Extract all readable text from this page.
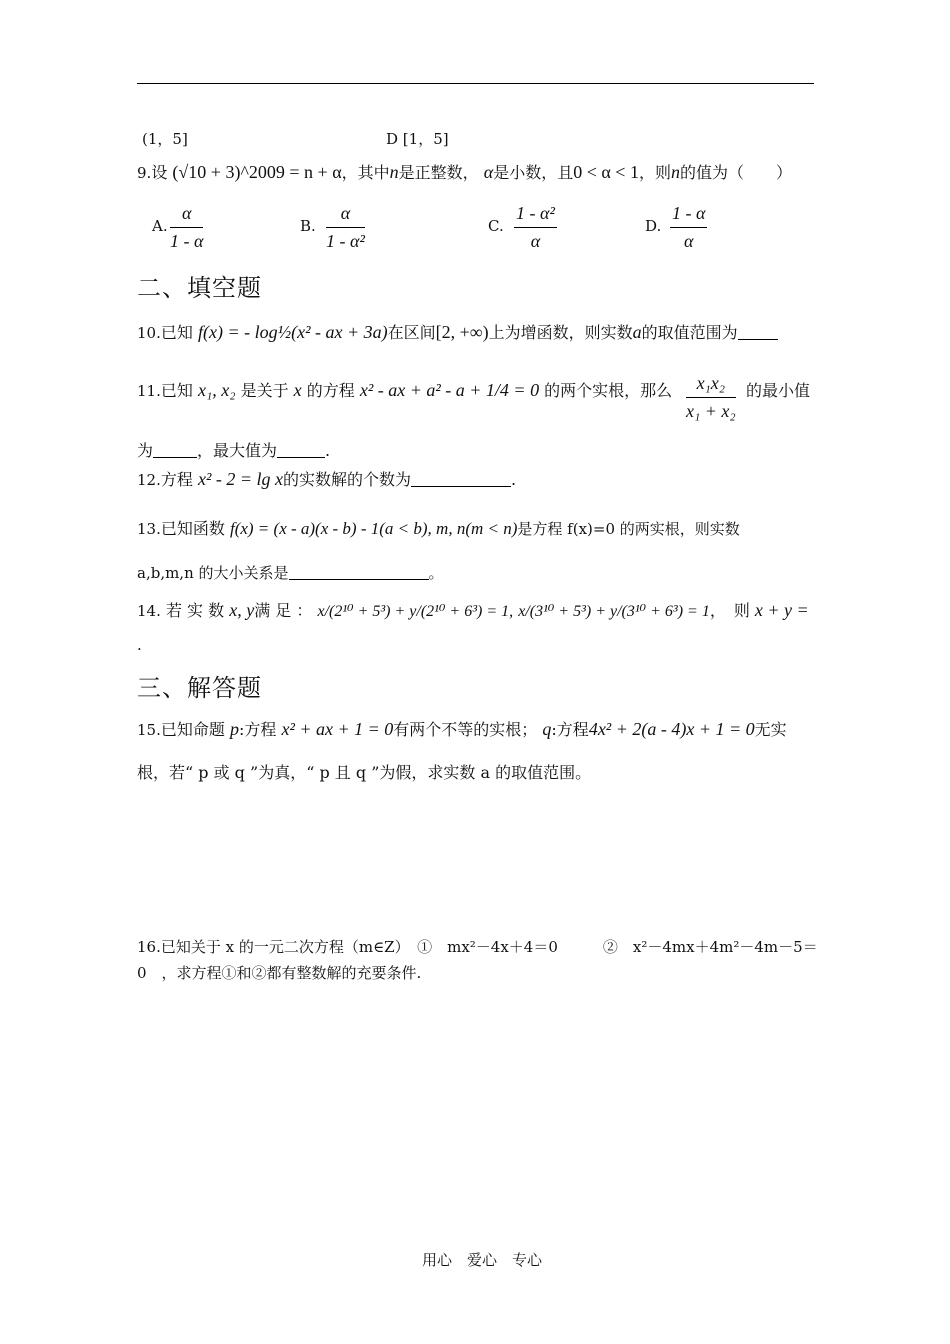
(1，5]	D [1，5]
9.设 (√10 + 3)^2009 = n + α，其中n是正整数， α是小数，且0 < α < 1，则n的值为（　　）
A. $\frac{\alpha}{1 - \alpha}$	B. $\frac{\alpha}{\text{1 - α²}}$	C. $\frac{\text{1 - α²}}{\alpha}$	D. $\frac{1 - \alpha}{\alpha}$
二、填空题
10.已知 f(x) = - log½(x² - ax + 3a)在区间[2, +∞)上为增函数，则实数a的取值范围为
11.已知 x₁, x₂ 是关于 x 的方程 x² - ax + a² - a + 1/4 = 0 的两个实根，那么 $\frac{\text{x₁x₂}}{\text{x₁ + x₂}}$ 的最小值
为	，最大值为	.
12.方程 x² - 2 = lg x的实数解的个数为	.
13.已知函数 f(x) = (x - a)(x - b) - 1(a < b), m, n(m < n)是方程 f(x)=0 的两实根，则实数
a,b,m,n 的大小关系是	。
14. 若 实 数 x, y满 足 ： x/(2¹⁰ + 5³) + y/(2¹⁰ + 6³) = 1, x/(3¹⁰ + 5³) + y/(3¹⁰ + 6³) = 1，　则 x + y =
.
三、解答题
15.已知命题 p:方程 x² + ax + 1 = 0有两个不等的实根； q:方程4x² + 2(a - 4)x + 1 = 0无实
根，若“ p 或 q ”为真，“ p 且 q ”为假，求实数 a 的取值范围。
16.已知关于 x 的一元二次方程（m∈Z）　①　mx²－4x＋4＝0　　　②　x²－4mx＋4m²－4m－5＝
0　，求方程①和②都有整数解的充要条件.
用心　爱心　专心
